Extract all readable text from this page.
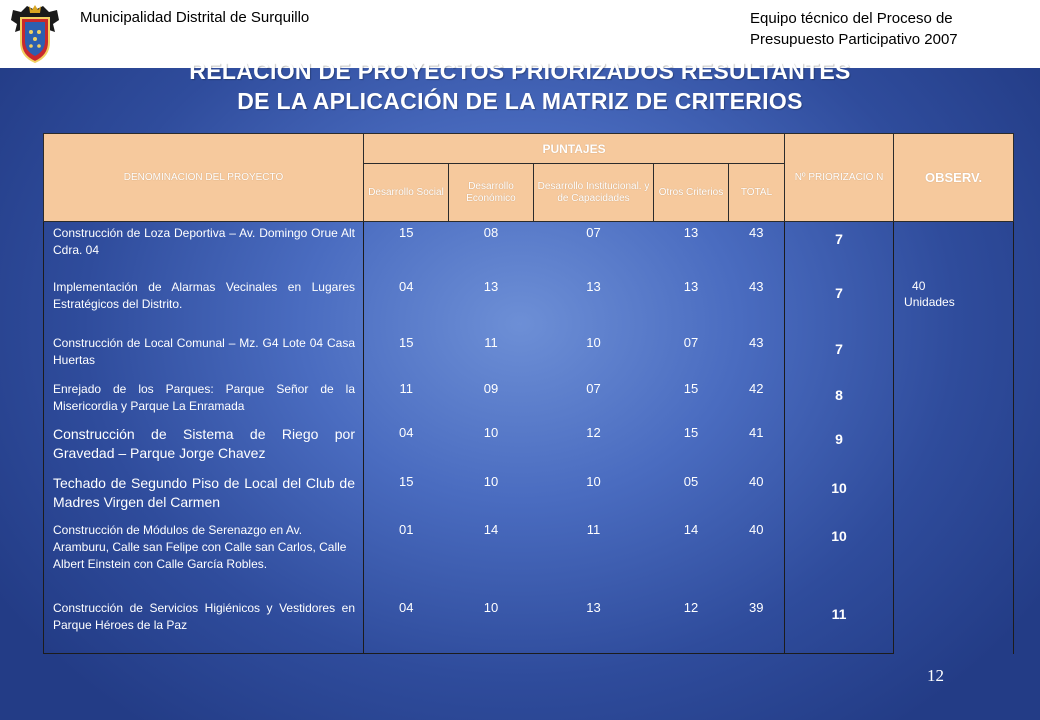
Municipalidad Distrital de Surquillo	Equipo técnico del Proceso de
Presupuesto Participativo 2007
RELACION DE PROYECTOS PRIORIZADOS RESULTANTES
DE LA APLICACIÓN DE LA MATRIZ DE CRITERIOS
DENOMINACION DEL PROYECTO	PUNTAJES					Nº PRIORIZACIO N	OBSERV.
	Desarrollo Social	Desarrollo Económico	Desarrollo Institucional. y de Capacidades	Otros Criterios	TOTAL		
Construcción de Loza Deportiva – Av. Domingo Orue Alt Cdra. 04	15	08	07	13	43	7	40
Unidades

Implementación de Alarmas Vecinales en Lugares Estratégicos del Distrito.	04	13	13	13	43	7	
Construcción de Local Comunal – Mz. G4 Lote 04 Casa Huertas	15	11	10	07	43	7	
Enrejado de los Parques: Parque Señor de la Misericordia y Parque La Enramada	11	09	07	15	42	8	
Construcción de Sistema de Riego por Gravedad – Parque Jorge Chavez	04	10	12	15	41	9	
Techado de Segundo Piso de Local del Club de Madres Virgen del Carmen	15	10	10	05	40	10	
Construcción de Módulos de Serenazgo en Av. Aramburu, Calle san Felipe con Calle san Carlos, Calle Albert Einstein con Calle García Robles.	01	14	11	14	40	10	
Construcción de Servicios Higiénicos y Vestidores en Parque Héroes de la Paz	04	10	13	12	39	11	
12
